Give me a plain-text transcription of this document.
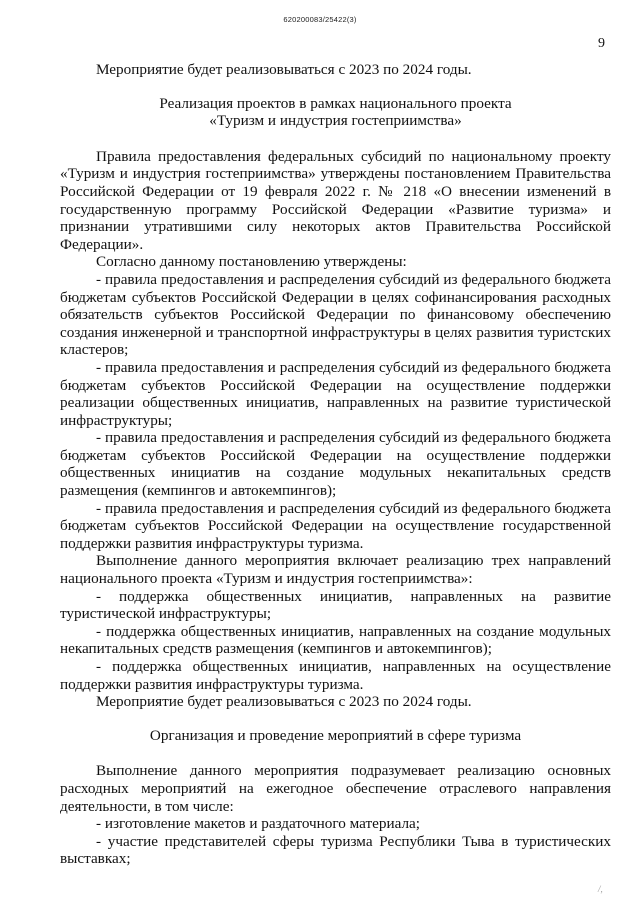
620200083/25422(3)
9

Мероприятие будет реализовываться с 2023 по 2024 годы.

Реализация проектов в рамках национального проекта

«Туризм и индустрия гостеприимства»

Правила предоставления федеральных субсидий по национальному проекту «Туризм и индустрия гостеприимства» утверждены постановлением Правительства Российской Федерации от 19 февраля 2022 г. № 218 «О внесении изменений в государственную программу Российской Федерации «Развитие туризма» и признании утратившими силу некоторых актов Правительства Российской Федерации».

Согласно данному постановлению утверждены:

- правила предоставления и распределения субсидий из федерального бюджета бюджетам субъектов Российской Федерации в целях софинансирования расходных обязательств субъектов Российской Федерации по финансовому обеспечению создания инженерной и транспортной инфраструктуры в целях развития туристских кластеров;

- правила предоставления и распределения субсидий из федерального бюджета бюджетам субъектов Российской Федерации на осуществление поддержки реализации общественных инициатив, направленных на развитие туристической инфраструктуры;

- правила предоставления и распределения субсидий из федерального бюджета бюджетам субъектов Российской Федерации на осуществление поддержки общественных инициатив на создание модульных некапитальных средств размещения (кемпингов и автокемпингов);

- правила предоставления и распределения субсидий из федерального бюджета бюджетам субъектов Российской Федерации на осуществление государственной поддержки развития инфраструктуры туризма.

Выполнение данного мероприятия включает реализацию трех направлений национального проекта «Туризм и индустрия гостеприимства»:

- поддержка общественных инициатив, направленных на развитие туристической инфраструктуры;

- поддержка общественных инициатив, направленных на создание модульных некапитальных средств размещения (кемпингов и автокемпингов);

- поддержка общественных инициатив, направленных на осуществление поддержки развития инфраструктуры туризма.

Мероприятие будет реализовываться с 2023 по 2024 годы.

Организация и проведение мероприятий в сфере туризма

Выполнение данного мероприятия подразумевает реализацию основных расходных мероприятий на ежегодное обеспечение отраслевого направления деятельности, в том числе:

- изготовление макетов и раздаточного материала;

- участие представителей сферы туризма Республики Тыва в туристических выставках;

/,
